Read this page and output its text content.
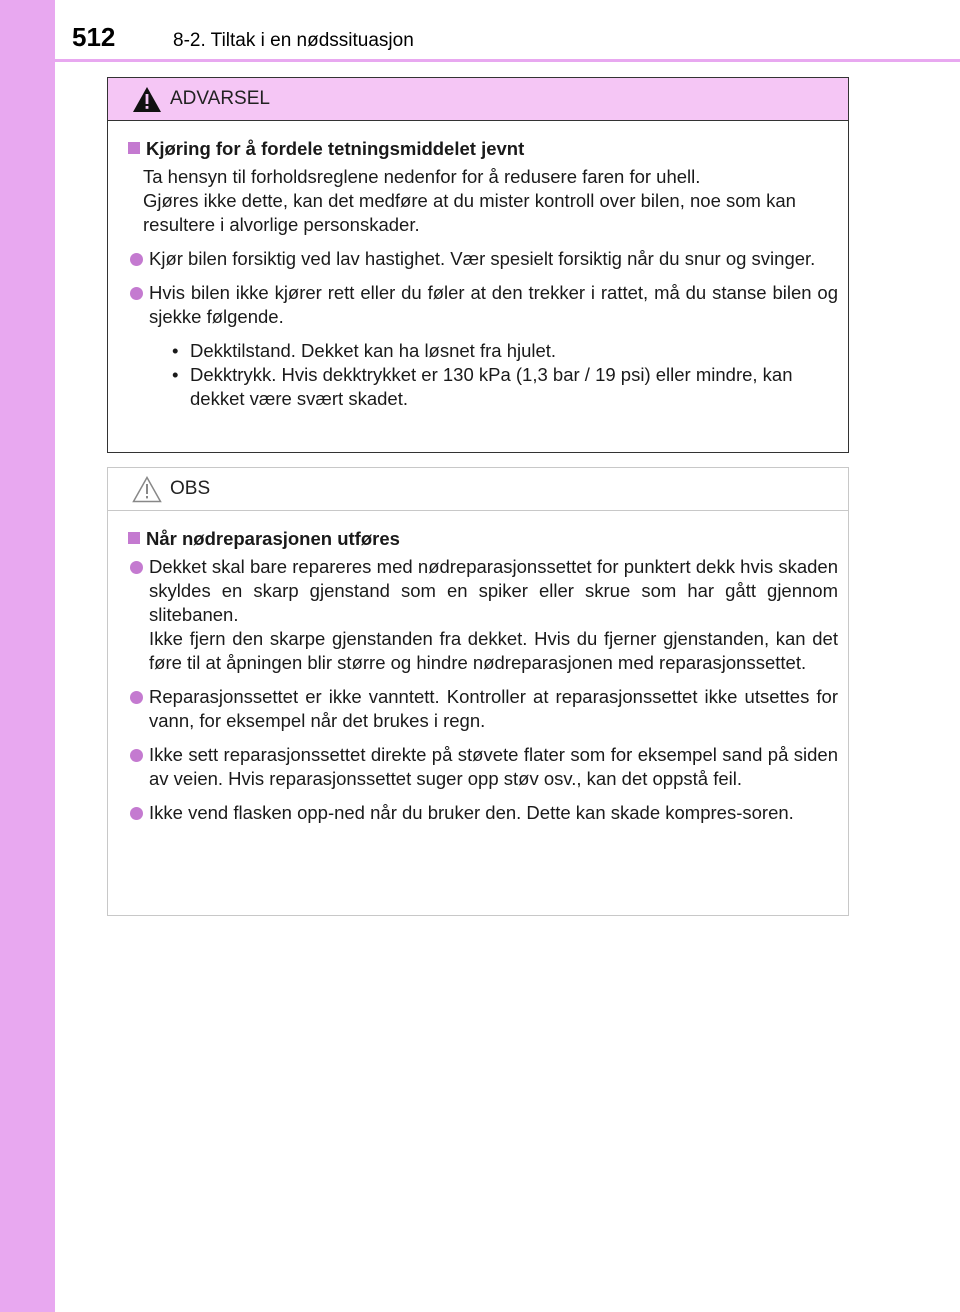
512	8-2. Tiltak i en nødssituasjon
ADVARSEL
Kjøring for å fordele tetningsmiddelet jevnt
Ta hensyn til forholdsreglene nedenfor for å redusere faren for uhell.
Gjøres ikke dette, kan det medføre at du mister kontroll over bilen, noe som kan resultere i alvorlige personskader.
Kjør bilen forsiktig ved lav hastighet. Vær spesielt forsiktig når du snur og svinger.
Hvis bilen ikke kjører rett eller du føler at den trekker i rattet, må du stanse bilen og sjekke følgende.
• Dekktilstand. Dekket kan ha løsnet fra hjulet.
• Dekktrykk. Hvis dekktrykket er 130 kPa (1,3 bar / 19 psi) eller mindre, kan dekket være svært skadet.
OBS
Når nødreparasjonen utføres
Dekket skal bare repareres med nødreparasjonssettet for punktert dekk hvis skaden skyldes en skarp gjenstand som en spiker eller skrue som har gått gjennom slitebanen.
Ikke fjern den skarpe gjenstanden fra dekket. Hvis du fjerner gjenstanden, kan det føre til at åpningen blir større og hindre nødreparasjonen med reparasjonssettet.
Reparasjonssettet er ikke vanntett. Kontroller at reparasjonssettet ikke utsettes for vann, for eksempel når det brukes i regn.
Ikke sett reparasjonssettet direkte på støvete flater som for eksempel sand på siden av veien. Hvis reparasjonssettet suger opp støv osv., kan det oppstå feil.
Ikke vend flasken opp-ned når du bruker den. Dette kan skade kompres-soren.
